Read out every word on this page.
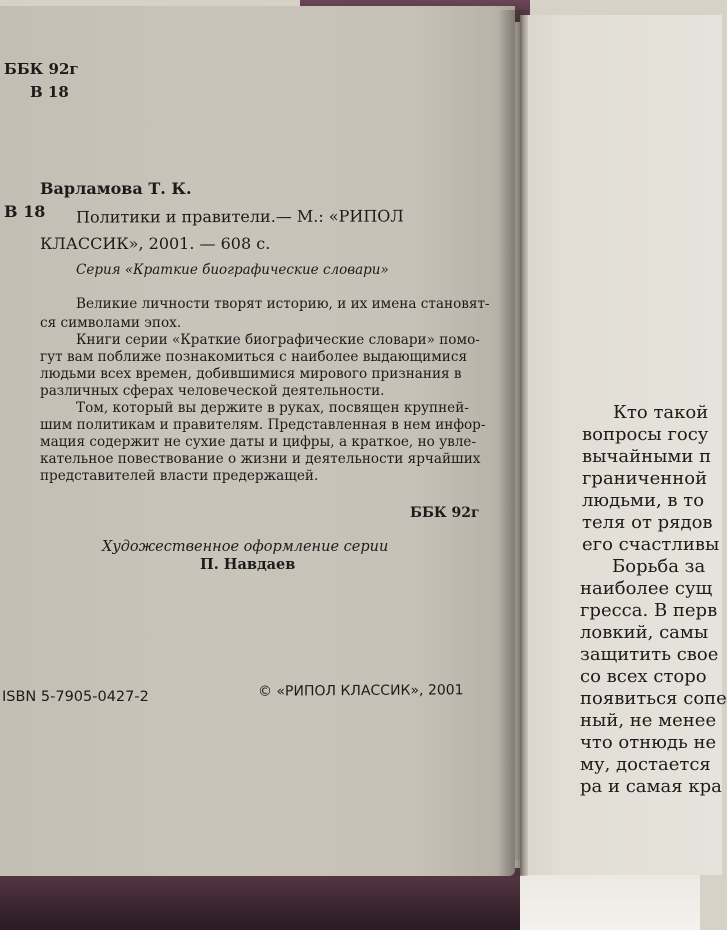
ББК 92г
В 18
Варламова Т. К.
В 18 Политики и правители.— М.: «РИПОЛ
КЛАССИК», 2001. — 608 с.
Серия «Краткие биографические словари»
Великие личности творят историю, и их имена становят-
ся символами эпох.
Книги серии «Краткие биографические словари» помо-
гут вам поближе познакомиться с наиболее выдающимися
людьми всех времен, добившимися мирового признания в
различных сферах человеческой деятельности.
Том, который вы держите в руках, посвящен крупней-
шим политикам и правителям. Представленная в нем инфор-
мация содержит не сухие даты и цифры, а краткое, но увле-
кательное повествование о жизни и деятельности ярчайших
представителей власти предержащей.
ББК 92г
Художественное оформление серии
П. Навдаев
ISBN 5-7905-0427-2	© «РИПОЛ КЛАССИК», 2001
Кто такой
вопросы госу
вычайными п
граниченной
людьми, в то
теля от рядов
его счастливы
Борьба за
наиболее сущ
гресса. В перв
ловкий, самы
защитить свое
со всех сторо
появиться сопе
ный, не менее
что отнюдь не
му, достается
ра и самая кра
